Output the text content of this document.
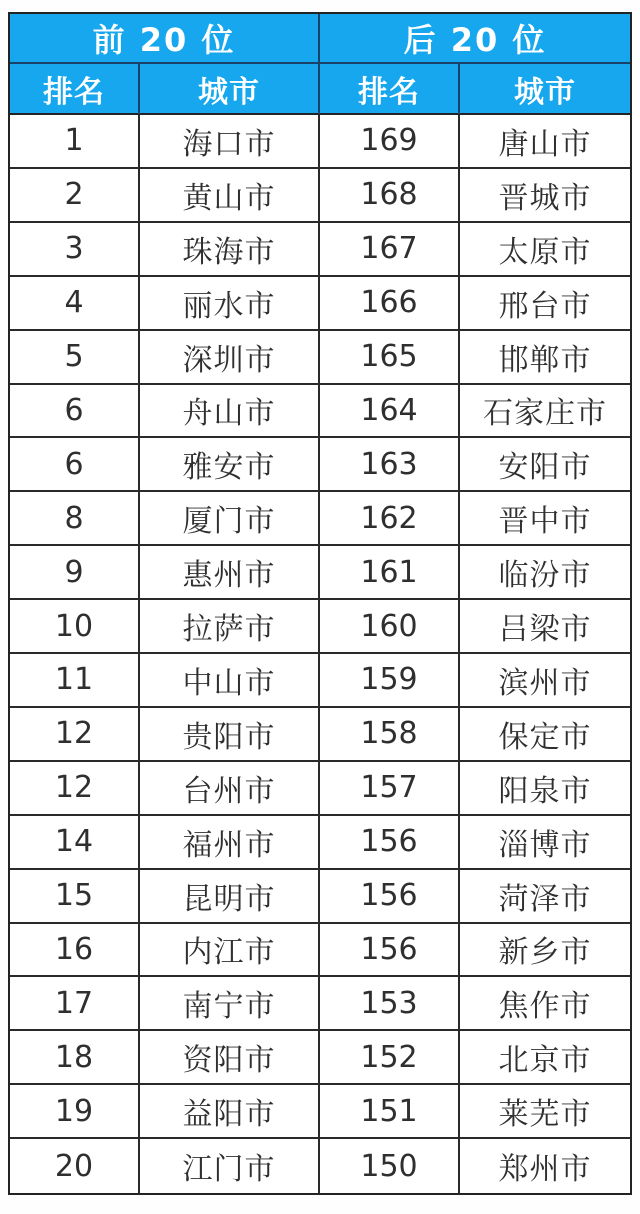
前 20 位	后 20 位
排名	城市	排名	城市
1	海口市	169	唐山市
2	黄山市	168	晋城市
3	珠海市	167	太原市
4	丽水市	166	邢台市
5	深圳市	165	邯郸市
6	舟山市	164	石家庄市
6	雅安市	163	安阳市
8	厦门市	162	晋中市
9	惠州市	161	临汾市
10	拉萨市	160	吕梁市
11	中山市	159	滨州市
12	贵阳市	158	保定市
12	台州市	157	阳泉市
14	福州市	156	淄博市
15	昆明市	156	菏泽市
16	内江市	156	新乡市
17	南宁市	153	焦作市
18	资阳市	152	北京市
19	益阳市	151	莱芜市
20	江门市	150	郑州市
